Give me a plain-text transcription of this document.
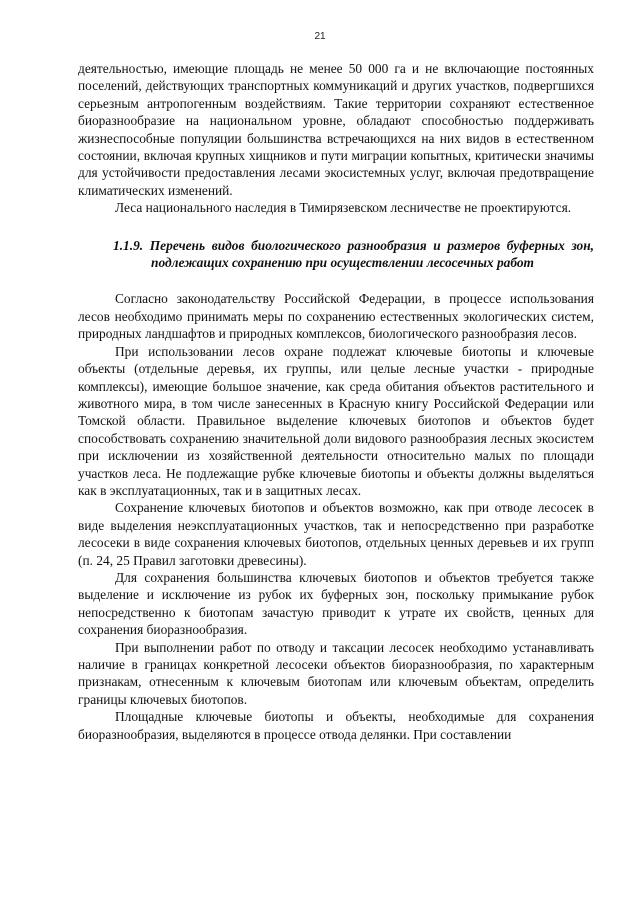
21

деятельностью, имеющие площадь не менее 50 000 га и не включающие постоянных поселений, действующих транспортных коммуникаций и других участков, подвергшихся серьезным антропогенным воздействиям. Такие территории сохраняют естественное биоразнообразие на национальном уровне, обладают способностью поддерживать жизнеспособные популяции большинства встречающихся на них видов в естественном состоянии, включая крупных хищников и пути миграции копытных, критически значимы для устойчивости предоставления лесами экосистемных услуг, включая предотвращение климатических изменений.

Леса национального наследия в Тимирязевском лесничестве не проектируются.

1.1.9. Перечень видов биологического разнообразия и размеров буферных зон, подлежащих сохранению при осуществлении лесосечных работ

Согласно законодательству Российской Федерации, в процессе использования лесов необходимо принимать меры по сохранению естественных экологических систем, природных ландшафтов и природных комплексов, биологического разнообразия лесов.

При использовании лесов охране подлежат ключевые биотопы и ключевые объекты (отдельные деревья, их группы, или целые лесные участки - природные комплексы), имеющие большое значение, как среда обитания объектов растительного и животного мира, в том числе занесенных в Красную книгу Российской Федерации или Томской области. Правильное выделение ключевых биотопов и объектов будет способствовать сохранению значительной доли видового разнообразия лесных экосистем при исключении из хозяйственной деятельности относительно малых по площади участков леса. Не подлежащие рубке ключевые биотопы и объекты должны выделяться как в эксплуатационных, так и в защитных лесах.

Сохранение ключевых биотопов и объектов возможно, как при отводе лесосек в виде выделения неэксплуатационных участков, так и непосредственно при разработке лесосеки в виде сохранения ключевых биотопов, отдельных ценных деревьев и их групп (п. 24, 25 Правил заготовки древесины).

Для сохранения большинства ключевых биотопов и объектов требуется также выделение и исключение из рубок их буферных зон, поскольку примыкание рубок непосредственно к биотопам зачастую приводит к утрате их свойств, ценных для сохранения биоразнообразия.

При выполнении работ по отводу и таксации лесосек необходимо устанавливать наличие в границах конкретной лесосеки объектов биоразнообразия, по характерным признакам, отнесенным к ключевым биотопам или ключевым объектам, определить границы ключевых биотопов.

Площадные ключевые биотопы и объекты, необходимые для сохранения биоразнообразия, выделяются в процессе отвода делянки. При составлении
